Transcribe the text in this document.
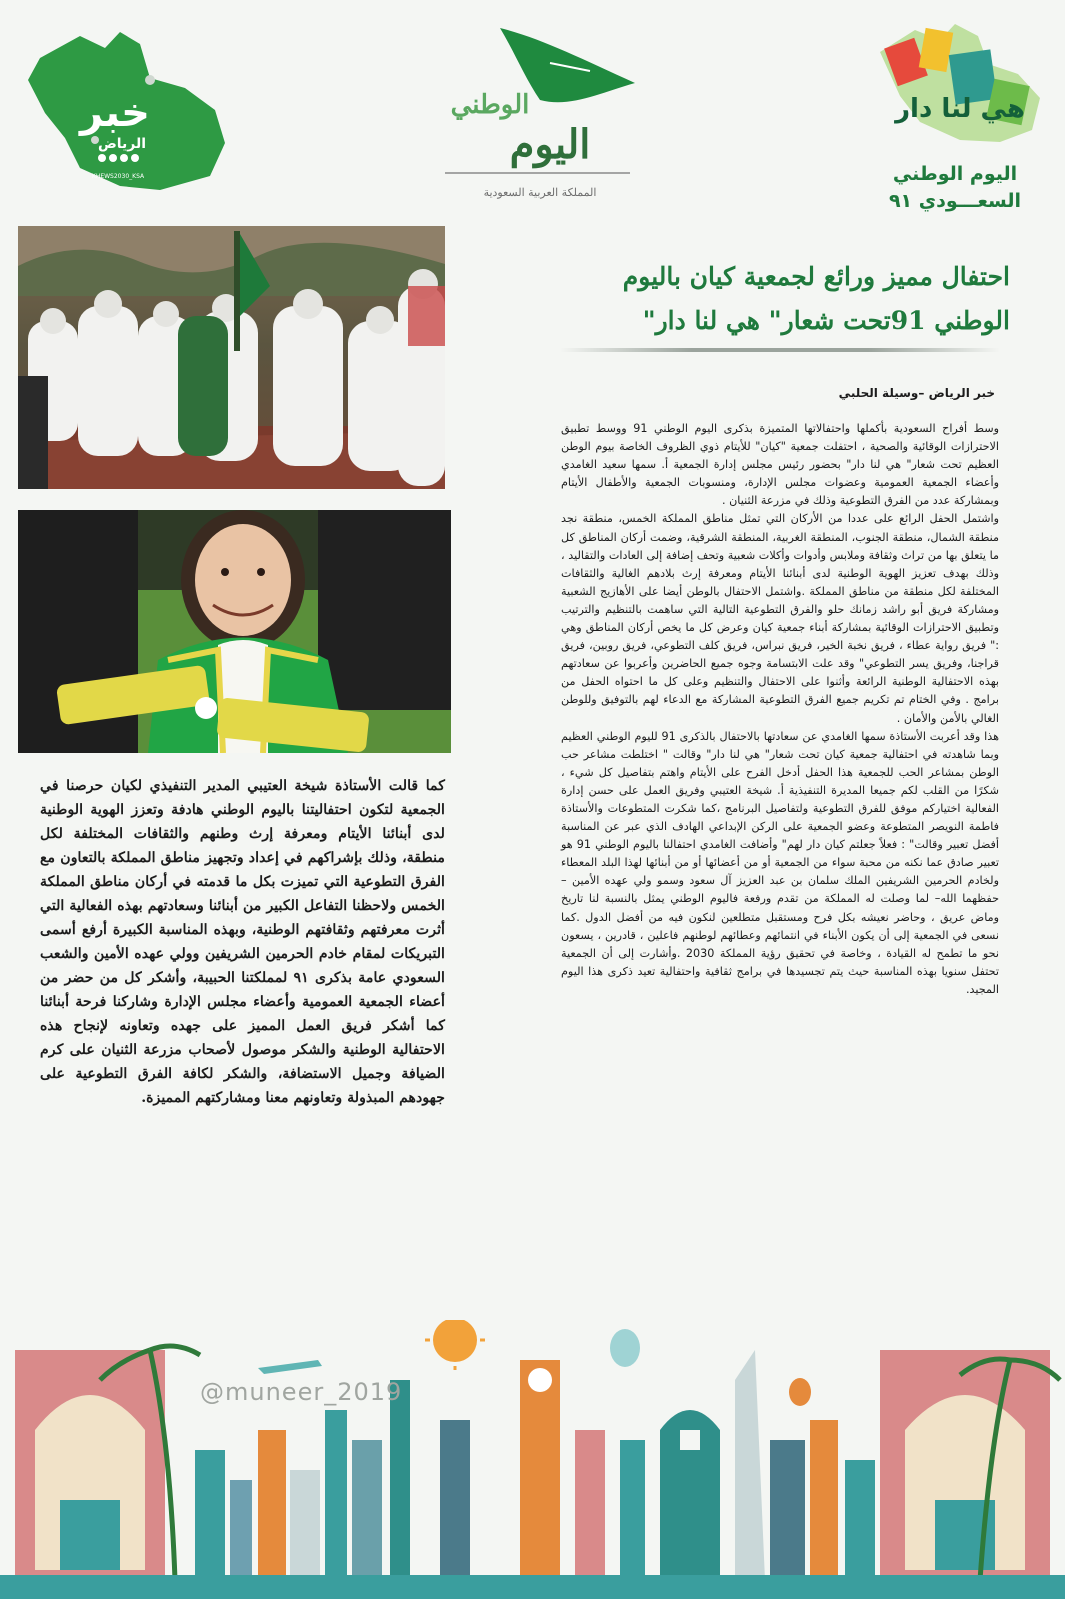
خبر
الرياض
KHEWS2030_KSA
الوطني
اليوم
المملكة العربية السعودية
هي لنا دار
اليوم الوطني
السعـــودي ٩١
احتفال مميز ورائع لجمعية كيان باليوم
الوطني 91تحت شعار" هي لنا دار"
خبر الرياض –وسيلة الحلبي

وسط أفراح السعودية بأكملها واحتفالاتها المتميزة بذكرى اليوم الوطني 91 ووسط تطبيق الاحترازات الوقائية والصحية ، احتفلت جمعية "كيان" للأيتام ذوي الظروف الخاصة بيوم الوطن العظيم تحت شعار" هي لنا دار" بحضور رئيس مجلس إدارة الجمعية أ. سمها سعيد الغامدي وأعضاء الجمعية العمومية وعضوات مجلس الإدارة، ومنسوبات الجمعية والأطفال الأيتام وبمشاركة عدد من الفرق التطوعية وذلك في مزرعة الثنيان .

واشتمل الحفل الرائع على عددا من الأركان التي تمثل مناطق المملكة الخمس، منطقة نجد منطقة الشمال، منطقة الجنوب، المنطقة الغربية، المنطقة الشرقية، وضمت أركان المناطق كل ما يتعلق بها من تراث وثقافة وملابس وأدوات وأكلات شعبية وتحف إضافة إلى العادات والتقاليد ، وذلك بهدف تعزيز الهوية الوطنية لدى أبنائنا الأيتام ومعرفة إرث بلادهم الغالية والثقافات المختلفة لكل منطقة من مناطق المملكة .واشتمل الاحتفال بالوطن أيضا على الأهازيج الشعبية ومشاركة فريق أبو راشد زمانك حلو والفرق التطوعية التالية التي ساهمت بالتنظيم والترتيب وتطبيق الاحترازات الوقائية بمشاركة أبناء جمعية كيان وعرض كل ما يخص أركان المناطق وهي :" فريق رواية عطاء ، فريق نخبة الخير، فريق نبراس، فريق كلف التطوعي، فريق روبين، فريق قراجنا، وفريق يسر التطوعي" وقد علت الابتسامة وجوه جميع الحاضرين وأعربوا عن سعادتهم بهذه الاحتفالية الوطنية الرائعة وأثنوا على الاحتفال والتنظيم وعلى كل ما احتواه الحفل من برامج . وفي الختام تم تكريم جميع الفرق التطوعية المشاركة مع الدعاء لهم بالتوفيق وللوطن الغالي بالأمن والأمان .

هذا وقد أعربت الأستاذة سمها الغامدي عن سعادتها بالاحتفال بالذكرى 91 لليوم الوطني العظيم وبما شاهدته في احتفالية جمعية كيان تحت شعار" هي لنا دار" وقالت " اختلطت مشاعر حب الوطن بمشاعر الحب للجمعية هذا الحفل أدخل الفرح على الأيتام واهتم بتفاصيل كل شيء ، شكرًا من القلب لكم جميعا المديرة التنفيذية أ. شيخة العتيبي وفريق العمل على حسن إدارة الفعالية اختياركم موفق للفرق التطوعية ولتفاصيل البرنامج ،كما شكرت المتطوعات والأستاذة فاطمة النويصر المتطوعة وعضو الجمعية على الركن الإبداعي الهادف الذي عبر عن المناسبة أفضل تعبير وقالت" : فعلاً جعلتم كيان دار لهم" وأضافت الغامدي احتفالنا باليوم الوطني 91 هو تعبير صادق عما نكنه من محبة سواء من الجمعية أو من أعضائها أو من أبنائها لهذا البلد المعطاء ولخادم الحرمين الشريفين الملك سلمان بن عبد العزيز آل سعود وسمو ولي عهده الأمين – حفظهما الله– لما وصلت له المملكة من تقدم ورفعة فاليوم الوطني يمثل بالنسبة لنا تاريخ وماض عريق ، وحاضر نعيشه بكل فرح ومستقبل متطلعين لنكون فيه من أفضل الدول .كما نسعى في الجمعية إلى أن يكون الأبناء في انتمائهم وعطائهم لوطنهم فاعلين ، قادرين ، يسعون نحو ما تطمح له القيادة ، وخاصة في تحقيق رؤية المملكة 2030 .وأشارت إلى أن الجمعية تحتفل سنويا بهذه المناسبة حيث يتم تجسيدها في برامج ثقافية واحتفالية تعيد ذكرى هذا اليوم المجيد.

كما قالت الأستاذة شيخة العتيبي المدير التنفيذي لكيان حرصنا في الجمعية لتكون احتفاليتنا باليوم الوطني هادفة وتعزز الهوية الوطنية لدى أبنائنا الأيتام ومعرفة إرث وطنهم والثقافات المختلفة لكل منطقة، وذلك بإشراكهم في إعداد وتجهيز مناطق المملكة بالتعاون مع الفرق التطوعية التي تميزت بكل ما قدمته في أركان مناطق المملكة الخمس ولاحظنا التفاعل الكبير من أبنائنا وسعادتهم بهذه الفعالية التي أثرت معرفتهم وثقافتهم الوطنية، وبهذه المناسبة الكبيرة أرفع أسمى التبريكات لمقام خادم الحرمين الشريفين وولي عهده الأمين والشعب السعودي عامة بذكرى ٩١ لمملكتنا الحبيبة، وأشكر كل من حضر من أعضاء الجمعية العمومية وأعضاء مجلس الإدارة وشاركنا فرحة أبنائنا كما أشكر فريق العمل المميز على جهده وتعاونه لإنجاح هذه الاحتفالية الوطنية والشكر موصول لأصحاب مزرعة الثنيان على كرم الضيافة وجميل الاستضافة، والشكر لكافة الفرق التطوعية على جهودهم المبذولة وتعاونهم معنا ومشاركتهم المميزة.

@muneer_2019
